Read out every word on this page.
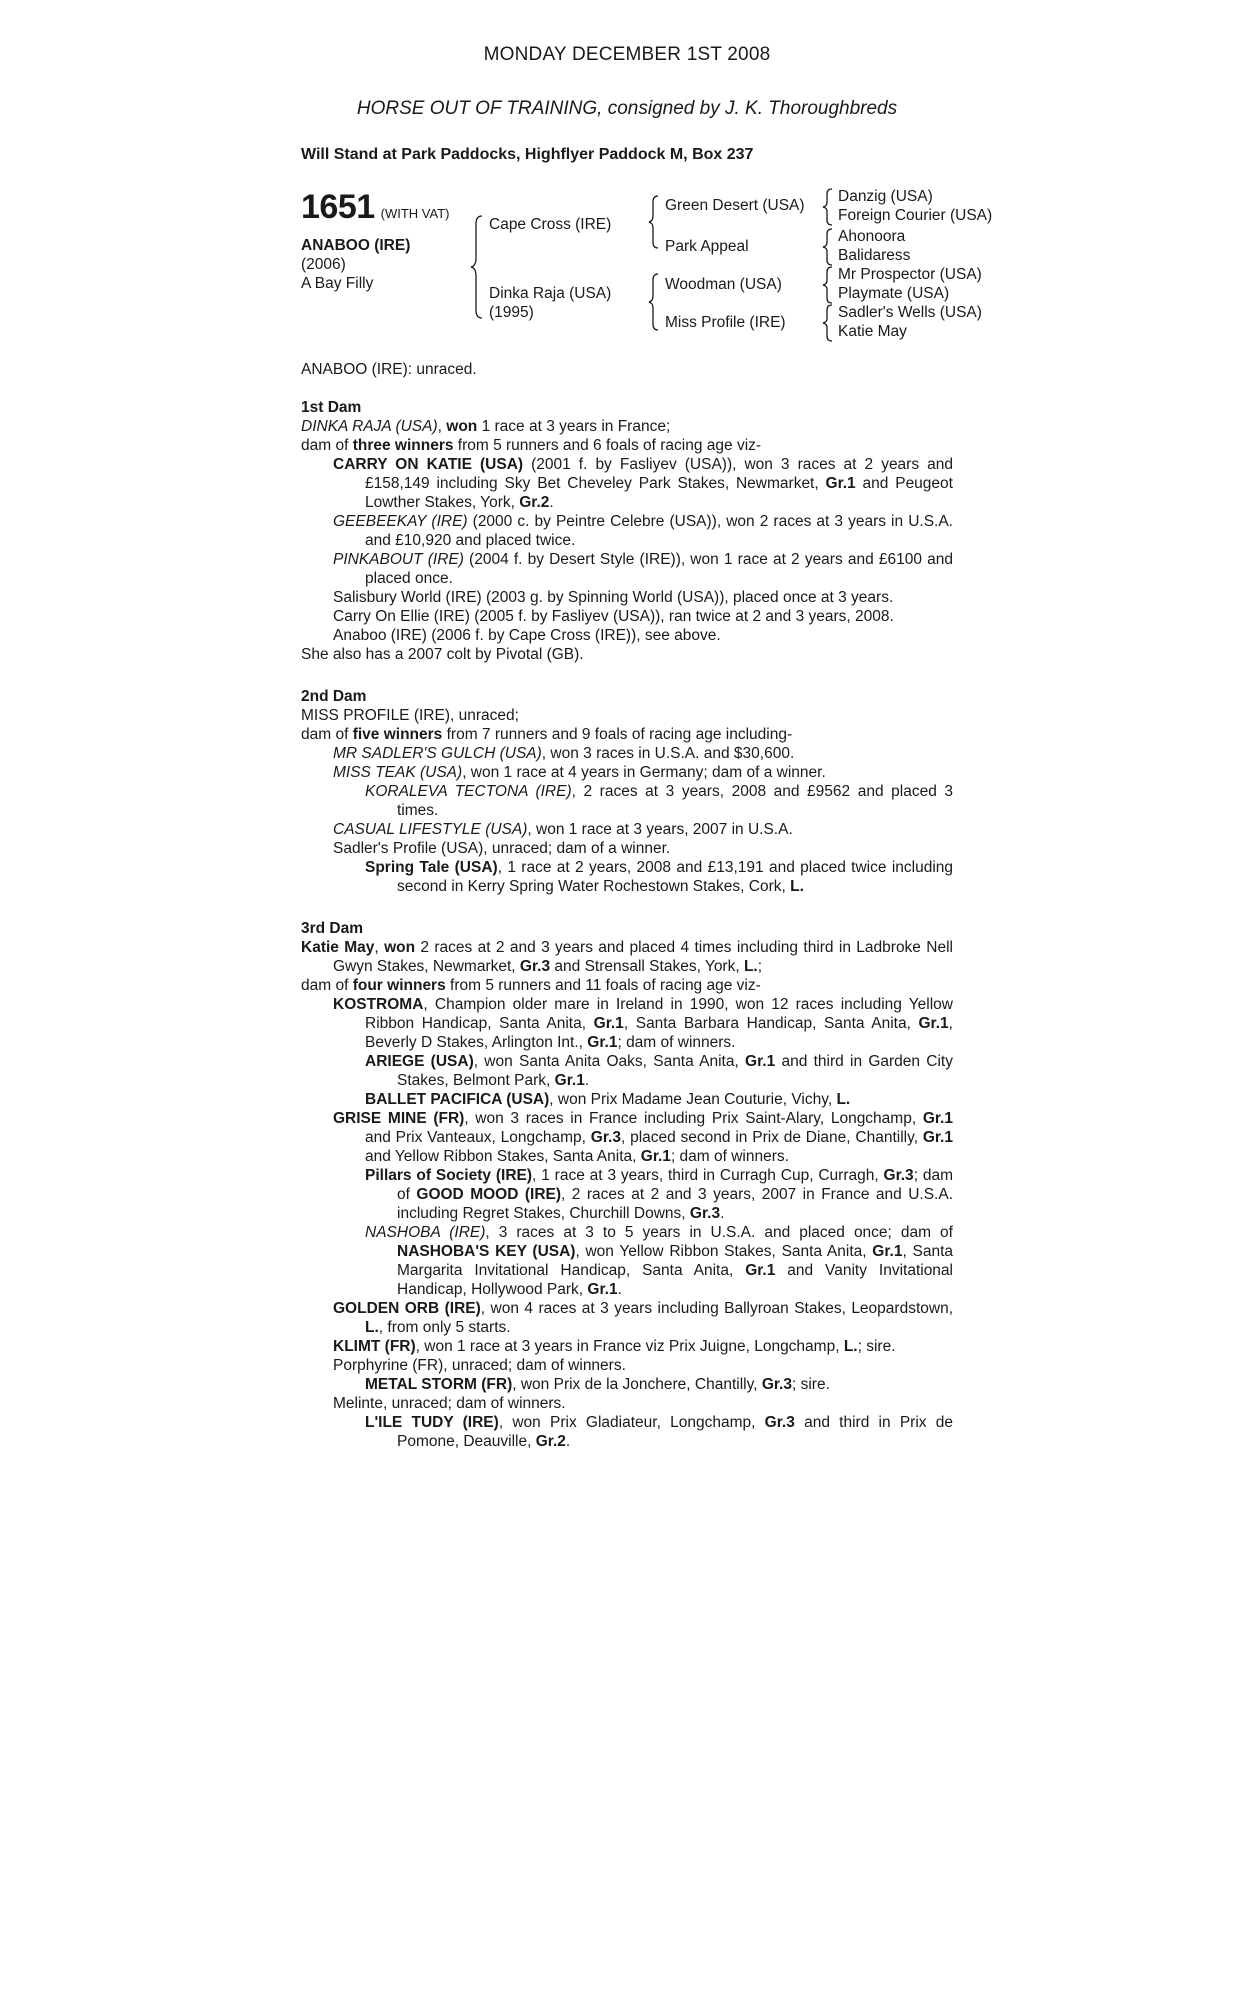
MONDAY DECEMBER 1ST 2008
HORSE OUT OF TRAINING, consigned by J. K. Thoroughbreds
Will Stand at Park Paddocks, Highflyer Paddock M, Box 237
1651 (WITH VAT)
ANABOO (IRE)
(2006)
A Bay Filly
Cape Cross (IRE)
Dinka Raja (USA)
(1995)
Green Desert (USA)
Park Appeal
Woodman (USA)
Miss Profile (IRE)
Danzig (USA)
Foreign Courier (USA)
Ahonoora
Balidaress
Mr Prospector (USA)
Playmate (USA)
Sadler's Wells (USA)
Katie May

ANABOO (IRE): unraced.

1st Dam

DINKA RAJA (USA), won 1 race at 3 years in France;

dam of three winners from 5 runners and 6 foals of racing age viz-

CARRY ON KATIE (USA) (2001 f. by Fasliyev (USA)), won 3 races at 2 years and £158,149 including Sky Bet Cheveley Park Stakes, Newmarket, Gr.1 and Peugeot Lowther Stakes, York, Gr.2.

GEEBEEKAY (IRE) (2000 c. by Peintre Celebre (USA)), won 2 races at 3 years in U.S.A. and £10,920 and placed twice.

PINKABOUT (IRE) (2004 f. by Desert Style (IRE)), won 1 race at 2 years and £6100 and placed once.

Salisbury World (IRE) (2003 g. by Spinning World (USA)), placed once at 3 years.

Carry On Ellie (IRE) (2005 f. by Fasliyev (USA)), ran twice at 2 and 3 years, 2008.

Anaboo (IRE) (2006 f. by Cape Cross (IRE)), see above.

She also has a 2007 colt by Pivotal (GB).

2nd Dam

MISS PROFILE (IRE), unraced;

dam of five winners from 7 runners and 9 foals of racing age including-

MR SADLER'S GULCH (USA), won 3 races in U.S.A. and $30,600.

MISS TEAK (USA), won 1 race at 4 years in Germany; dam of a winner.

KORALEVA TECTONA (IRE), 2 races at 3 years, 2008 and £9562 and placed 3 times.

CASUAL LIFESTYLE (USA), won 1 race at 3 years, 2007 in U.S.A.

Sadler's Profile (USA), unraced; dam of a winner.

Spring Tale (USA), 1 race at 2 years, 2008 and £13,191 and placed twice including second in Kerry Spring Water Rochestown Stakes, Cork, L.

3rd Dam

Katie May, won 2 races at 2 and 3 years and placed 4 times including third in Ladbroke Nell Gwyn Stakes, Newmarket, Gr.3 and Strensall Stakes, York, L.;

dam of four winners from 5 runners and 11 foals of racing age viz-

KOSTROMA, Champion older mare in Ireland in 1990, won 12 races including Yellow Ribbon Handicap, Santa Anita, Gr.1, Santa Barbara Handicap, Santa Anita, Gr.1, Beverly D Stakes, Arlington Int., Gr.1; dam of winners.

ARIEGE (USA), won Santa Anita Oaks, Santa Anita, Gr.1 and third in Garden City Stakes, Belmont Park, Gr.1.

BALLET PACIFICA (USA), won Prix Madame Jean Couturie, Vichy, L.

GRISE MINE (FR), won 3 races in France including Prix Saint-Alary, Longchamp, Gr.1 and Prix Vanteaux, Longchamp, Gr.3, placed second in Prix de Diane, Chantilly, Gr.1 and Yellow Ribbon Stakes, Santa Anita, Gr.1; dam of winners.

Pillars of Society (IRE), 1 race at 3 years, third in Curragh Cup, Curragh, Gr.3; dam of GOOD MOOD (IRE), 2 races at 2 and 3 years, 2007 in France and U.S.A. including Regret Stakes, Churchill Downs, Gr.3.

NASHOBA (IRE), 3 races at 3 to 5 years in U.S.A. and placed once; dam of NASHOBA'S KEY (USA), won Yellow Ribbon Stakes, Santa Anita, Gr.1, Santa Margarita Invitational Handicap, Santa Anita, Gr.1 and Vanity Invitational Handicap, Hollywood Park, Gr.1.

GOLDEN ORB (IRE), won 4 races at 3 years including Ballyroan Stakes, Leopardstown, L., from only 5 starts.

KLIMT (FR), won 1 race at 3 years in France viz Prix Juigne, Longchamp, L.; sire.

Porphyrine (FR), unraced; dam of winners.

METAL STORM (FR), won Prix de la Jonchere, Chantilly, Gr.3; sire.

Melinte, unraced; dam of winners.

L'ILE TUDY (IRE), won Prix Gladiateur, Longchamp, Gr.3 and third in Prix de Pomone, Deauville, Gr.2.
